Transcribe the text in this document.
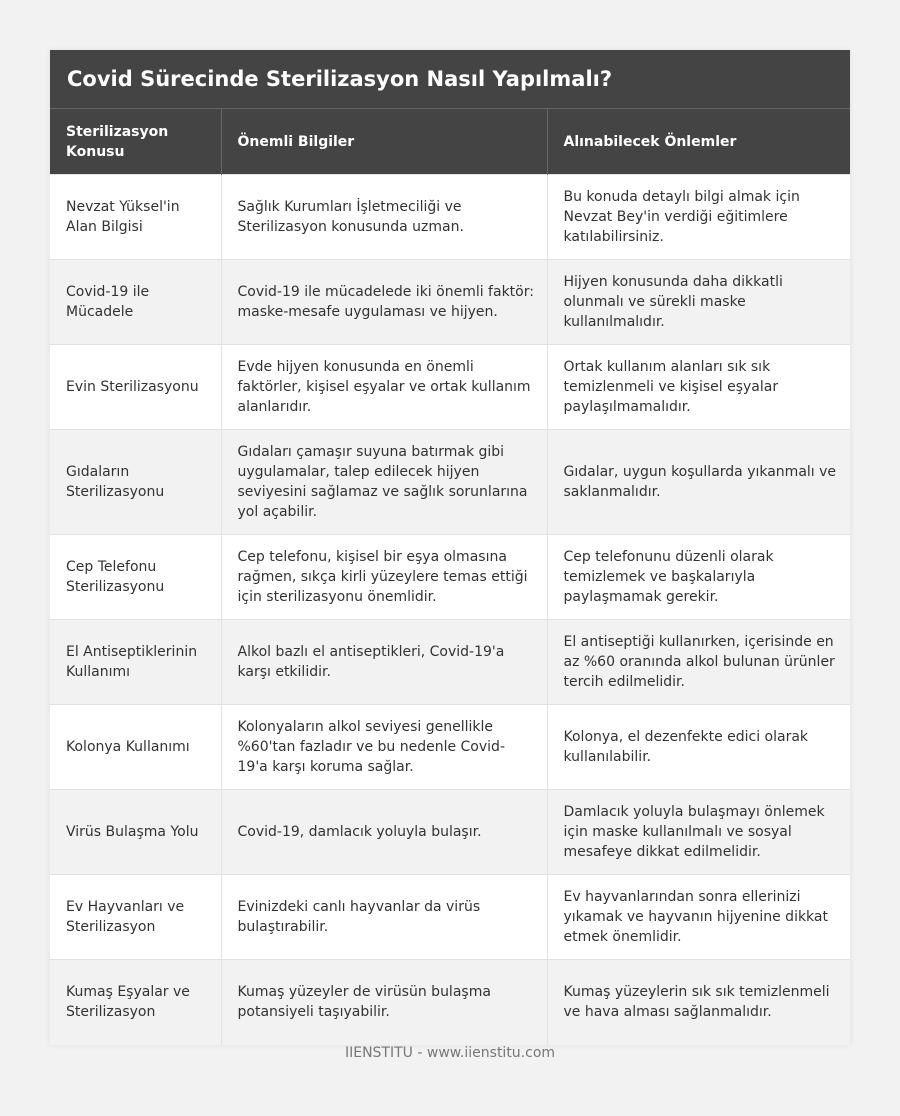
Covid Sürecinde Sterilizasyon Nasıl Yapılmalı?
Sterilizasyon Konusu	Önemli Bilgiler	Alınabilecek Önlemler
Nevzat Yüksel'in Alan Bilgisi	Sağlık Kurumları İşletmeciliği ve Sterilizasyon konusunda uzman.	Bu konuda detaylı bilgi almak için Nevzat Bey'in verdiği eğitimlere katılabilirsiniz.
Covid-19 ile Mücadele	Covid-19 ile mücadelede iki önemli faktör: maske-mesafe uygulaması ve hijyen.	Hijyen konusunda daha dikkatli olunmalı ve sürekli maske kullanılmalıdır.
Evin Sterilizasyonu	Evde hijyen konusunda en önemli faktörler, kişisel eşyalar ve ortak kullanım alanlarıdır.	Ortak kullanım alanları sık sık temizlenmeli ve kişisel eşyalar paylaşılmamalıdır.
Gıdaların Sterilizasyonu	Gıdaları çamaşır suyuna batırmak gibi uygulamalar, talep edilecek hijyen seviyesini sağlamaz ve sağlık sorunlarına yol açabilir.	Gıdalar, uygun koşullarda yıkanmalı ve saklanmalıdır.
Cep Telefonu Sterilizasyonu	Cep telefonu, kişisel bir eşya olmasına rağmen, sıkça kirli yüzeylere temas ettiği için sterilizasyonu önemlidir.	Cep telefonunu düzenli olarak temizlemek ve başkalarıyla paylaşmamak gerekir.
El Antiseptiklerinin Kullanımı	Alkol bazlı el antiseptikleri, Covid-19'a karşı etkilidir.	El antiseptiği kullanırken, içerisinde en az %60 oranında alkol bulunan ürünler tercih edilmelidir.
Kolonya Kullanımı	Kolonyaların alkol seviyesi genellikle %60'tan fazladır ve bu nedenle Covid-19'a karşı koruma sağlar.	Kolonya, el dezenfekte edici olarak kullanılabilir.
Virüs Bulaşma Yolu	Covid-19, damlacık yoluyla bulaşır.	Damlacık yoluyla bulaşmayı önlemek için maske kullanılmalı ve sosyal mesafeye dikkat edilmelidir.
Ev Hayvanları ve Sterilizasyon	Evinizdeki canlı hayvanlar da virüs bulaştırabilir.	Ev hayvanlarından sonra ellerinizi yıkamak ve hayvanın hijyenine dikkat etmek önemlidir.
Kumaş Eşyalar ve Sterilizasyon	Kumaş yüzeyler de virüsün bulaşma potansiyeli taşıyabilir.	Kumaş yüzeylerin sık sık temizlenmeli ve hava alması sağlanmalıdır.
IIENSTITU - www.iienstitu.com
